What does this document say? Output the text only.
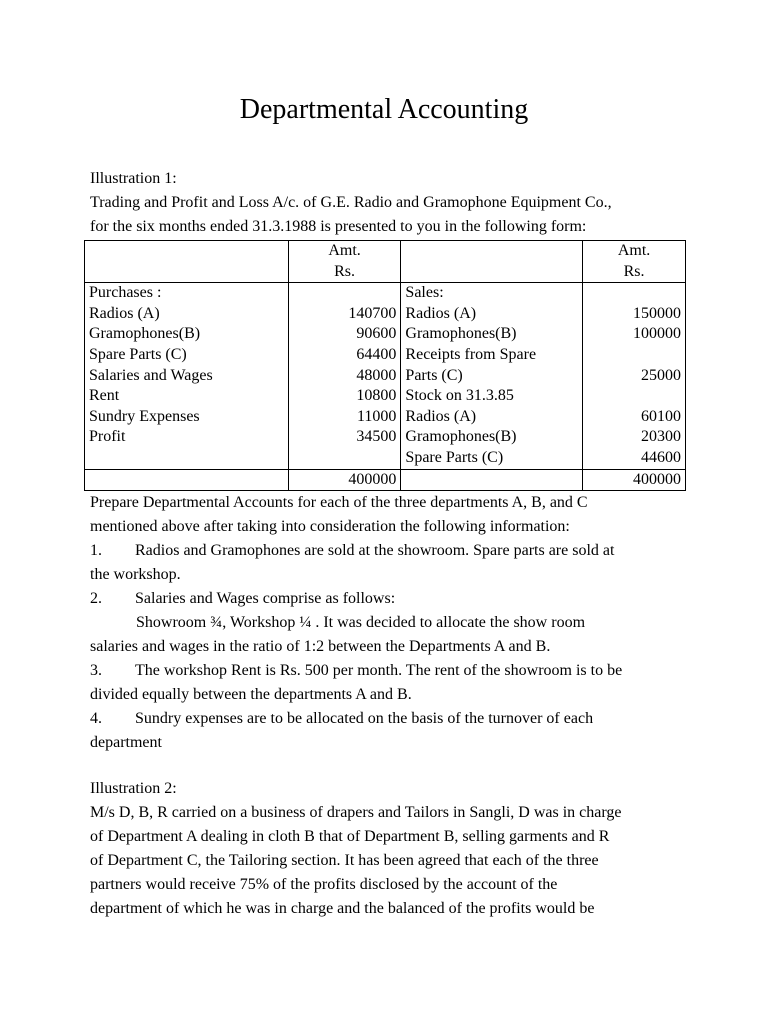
Departmental Accounting
Illustration 1:
Trading and Profit and Loss A/c. of G.E. Radio and Gramophone Equipment Co.,
for the six months ended 31.3.1988 is presented to you in the following form:

	Amt.
Rs.		Amt.
Rs.

Purchases :		Sales:	
Radios (A)	140700	Radios (A)	150000
Gramophones(B)	90600	Gramophones(B)	100000
Spare Parts (C)	64400	Receipts from Spare	
Salaries and Wages	48000	Parts (C)	25000
Rent	10800	Stock on 31.3.85	
Sundry Expenses	11000	Radios (A)	60100
Profit	34500	Gramophones(B)	20300
		Spare Parts (C)	44600
	400000		400000
Prepare Departmental Accounts for each of the three departments A, B, and C
mentioned above after taking into consideration the following information:
1. Radios and Gramophones are sold at the showroom. Spare parts are sold at
the workshop.
2. Salaries and Wages comprise as follows:
Showroom ¾, Workshop ¼ . It was decided to allocate the show room
salaries and wages in the ratio of 1:2 between the Departments A and B.
3. The workshop Rent is Rs. 500 per month. The rent of the showroom is to be
divided equally between the departments A and B.
4. Sundry expenses are to be allocated on the basis of the turnover of each
department
Illustration 2:
M/s D, B, R carried on a business of drapers and Tailors in Sangli, D was in charge
of Department A dealing in cloth B that of Department B, selling garments and R
of Department C, the Tailoring section. It has been agreed that each of the three
partners would receive 75% of the profits disclosed by the account of the
department of which he was in charge and the balanced of the profits would be
